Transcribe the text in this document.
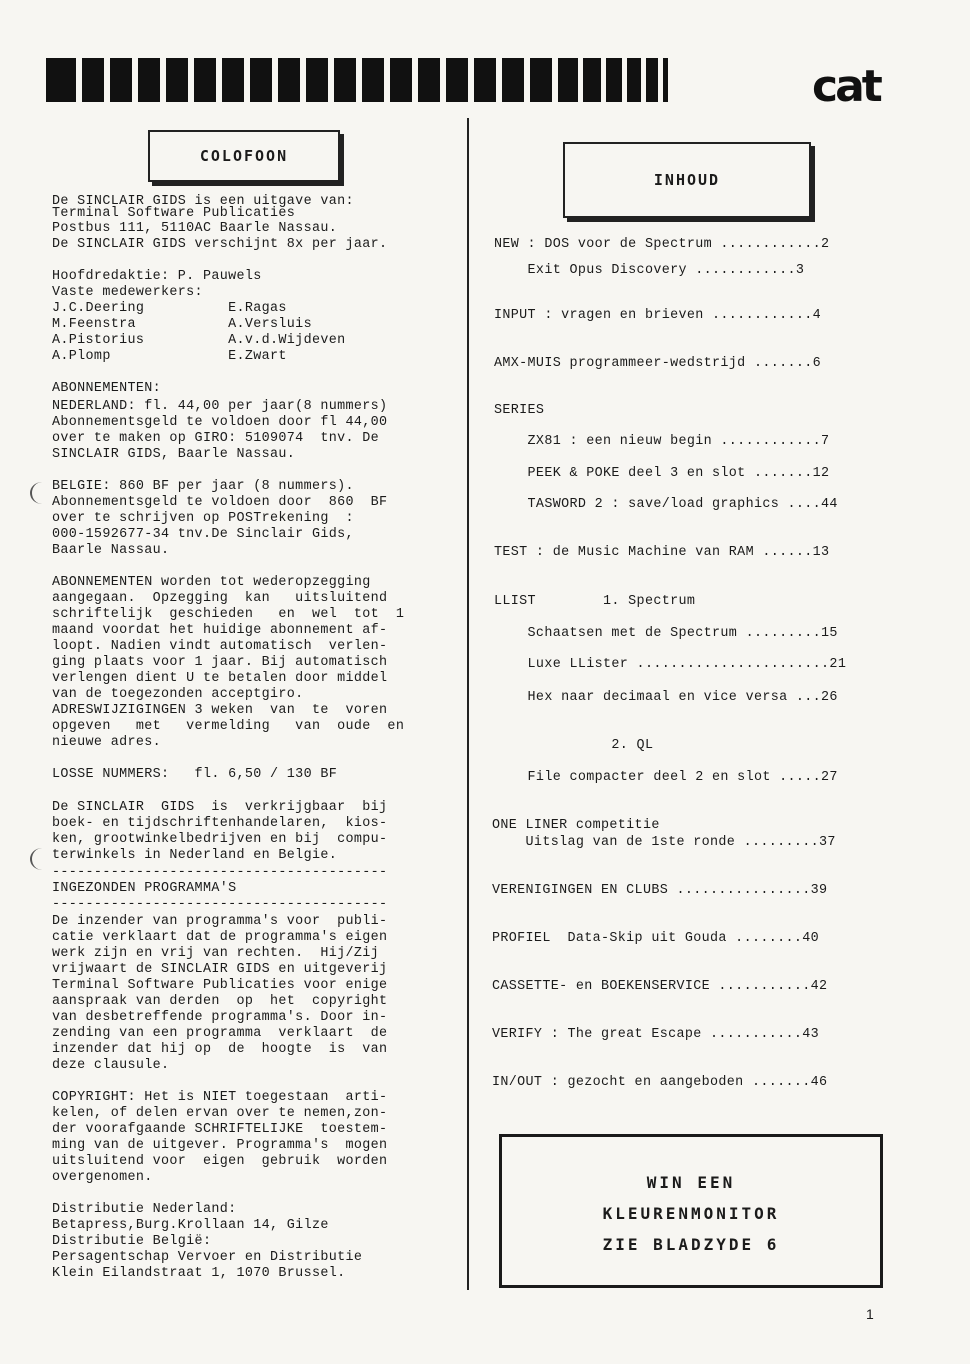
cat
COLOFOON
De SINCLAIR GIDS is een uitgave van:
Terminal Software Publicaties
Postbus 111, 5110AC Baarle Nassau.
De SINCLAIR GIDS verschijnt 8x per jaar.
Hoofdredaktie: P. Pauwels
Vaste medewerkers:
J.C.Deering          E.Ragas
M.Feenstra           A.Versluis
A.Pistorius          A.v.d.Wijdeven
A.Plomp              E.Zwart
ABONNEMENTEN:
NEDERLAND: fl. 44,00 per jaar(8 nummers)
Abonnementsgeld te voldoen door fl 44,00
over te maken op GIRO: 5109074  tnv. De
SINCLAIR GIDS, Baarle Nassau.
BELGIE: 860 BF per jaar (8 nummers).
Abonnementsgeld te voldoen door  860  BF
over te schrijven op POSTrekening  :
000-1592677-34 tnv.De Sinclair Gids,
Baarle Nassau.
ABONNEMENTEN worden tot wederopzegging
aangegaan.  Opzegging  kan   uitsluitend
schriftelijk  geschieden   en  wel  tot  1
maand voordat het huidige abonnement af-
loopt. Nadien vindt automatisch  verlen-
ging plaats voor 1 jaar. Bij automatisch
verlengen dient U te betalen door middel
van de toegezonden acceptgiro.
ADRESWIJZIGINGEN 3 weken  van  te  voren
opgeven   met   vermelding   van  oude  en
nieuwe adres.
LOSSE NUMMERS:   fl. 6,50 / 130 BF
De SINCLAIR  GIDS  is  verkrijgbaar  bij
boek- en tijdschriftenhandelaren,  kios-
ken, grootwinkelbedrijven en bij  compu-
terwinkels in Nederland en Belgie.
----------------------------------------
INGEZONDEN PROGRAMMA'S
----------------------------------------
De inzender van programma's voor  publi-
catie verklaart dat de programma's eigen
werk zijn en vrij van rechten.  Hij/Zij
vrijwaart de SINCLAIR GIDS en uitgeverij
Terminal Software Publicaties voor enige
aanspraak van derden  op  het  copyright
van desbetreffende programma's. Door in-
zending van een programma  verklaart  de
inzender dat hij op  de  hoogte  is  van
deze clausule.
COPYRIGHT: Het is NIET toegestaan  arti-
kelen, of delen ervan over te nemen,zon-
der voorafgaande SCHRIFTELIJKE  toestem-
ming van de uitgever. Programma's  mogen
uitsluitend voor  eigen  gebruik  worden
overgenomen.
Distributie Nederland:
Betapress,Burg.Krollaan 14, Gilze
Distributie België:
Persagentschap Vervoer en Distributie
Klein Eilandstraat 1, 1070 Brussel.
INHOUD
NEW : DOS voor de Spectrum ............2
Exit Opus Discovery ............3
INPUT : vragen en brieven ............4
AMX-MUIS programmeer-wedstrijd .......6
SERIES
ZX81 : een nieuw begin ............7
PEEK & POKE deel 3 en slot .......12
TASWORD 2 : save/load graphics ....44
TEST : de Music Machine van RAM ......13
LLIST        1. Spectrum
Schaatsen met de Spectrum .........15
Luxe LLister .......................21
Hex naar decimaal en vice versa ...26
2. QL
File compacter deel 2 en slot .....27
ONE LINER competitie
Uitslag van de 1ste ronde .........37
VERENIGINGEN EN CLUBS ................39
PROFIEL  Data-Skip uit Gouda ........40
CASSETTE- en BOEKENSERVICE ...........42
VERIFY : The great Escape ...........43
IN/OUT : gezocht en aangeboden .......46
WIN EEN
KLEURENMONITOR
ZIE BLADZYDE 6
1
